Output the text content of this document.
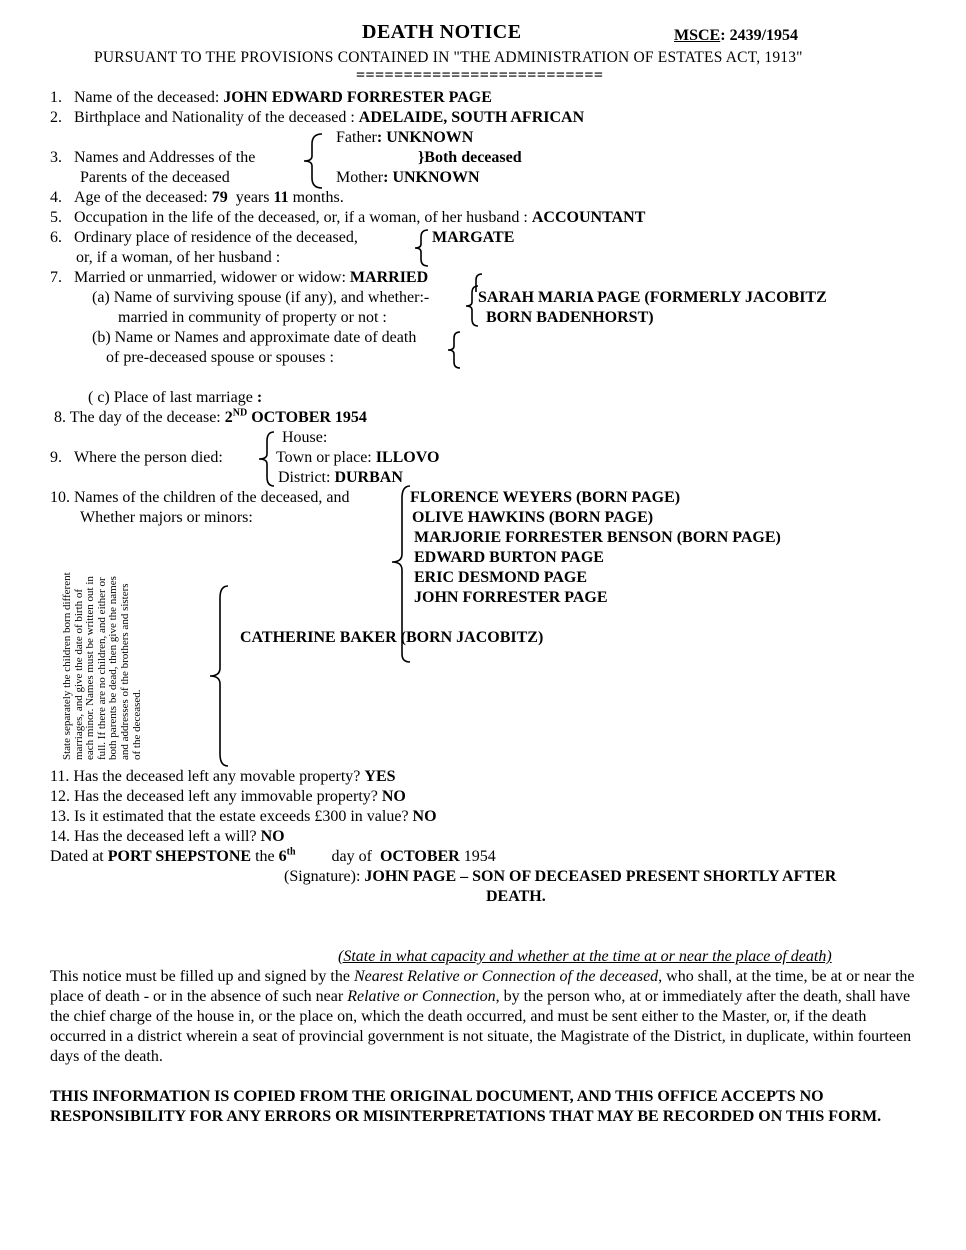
DEATH NOTICE	MSCE: 2439/1954
PURSUANT TO THE PROVISIONS CONTAINED IN "THE ADMINISTRATION OF ESTATES ACT, 1913"
==========================
1. Name of the deceased: JOHN EDWARD FORRESTER PAGE
2. Birthplace and Nationality of the deceased : ADELAIDE, SOUTH AFRICAN
3. Names and Addresses of the
Parents of the deceased
Father: UNKNOWN
}Both deceased
Mother: UNKNOWN
4. Age of the deceased: 79 years 11 months.
5. Occupation in the life of the deceased, or, if a woman, of her husband : ACCOUNTANT
6. Ordinary place of residence of the deceased,
or, if a woman, of her husband :
MARGATE
7. Married or unmarried, widower or widow: MARRIED
(a) Name of surviving spouse (if any), and whether:-
married in community of property or not :
SARAH MARIA PAGE (FORMERLY JACOBITZ
BORN BADENHORST)
(b) Name or Names and approximate date of death
of pre-deceased spouse or spouses :
( c) Place of last marriage :
8. The day of the decease: 2ND OCTOBER 1954
9. Where the person died:
House:
Town or place: ILLOVO
District: DURBAN
10. Names of the children of the deceased, and
Whether majors or minors:
FLORENCE WEYERS (BORN PAGE)
OLIVE HAWKINS (BORN PAGE)
MARJORIE FORRESTER BENSON (BORN PAGE)
EDWARD BURTON PAGE
ERIC DESMOND PAGE
JOHN FORRESTER PAGE
CATHERINE BAKER (BORN JACOBITZ)
State separately the children born different marriages, and give the date of birth of each minor. Names must be written out in full. If there are no children, and either or both parents be dead, then give the names and addresses of the brothers and sisters of the deceased.
11. Has the deceased left any movable property? YES
12. Has the deceased left any immovable property? NO
13. Is it estimated that the estate exceeds £300 in value? NO
14. Has the deceased left a will? NO
Dated at PORT SHEPSTONE the 6th day of OCTOBER 1954
(Signature): JOHN PAGE – SON OF DECEASED PRESENT SHORTLY AFTER
DEATH.
(State in what capacity and whether at the time at or near the place of death)
This notice must be filled up and signed by the Nearest Relative or Connection of the deceased, who shall, at the time, be at or near the place of death - or in the absence of such near Relative or Connection, by the person who, at or immediately after the death, shall have the chief charge of the house in, or the place on, which the death occurred, and must be sent either to the Master, or, if the death occurred in a district wherein a seat of provincial government is not situate, the Magistrate of the District, in duplicate, within fourteen days of the death.
THIS INFORMATION IS COPIED FROM THE ORIGINAL DOCUMENT, AND THIS OFFICE ACCEPTS NO RESPONSIBILITY FOR ANY ERRORS OR MISINTERPRETATIONS THAT MAY BE RECORDED ON THIS FORM.
